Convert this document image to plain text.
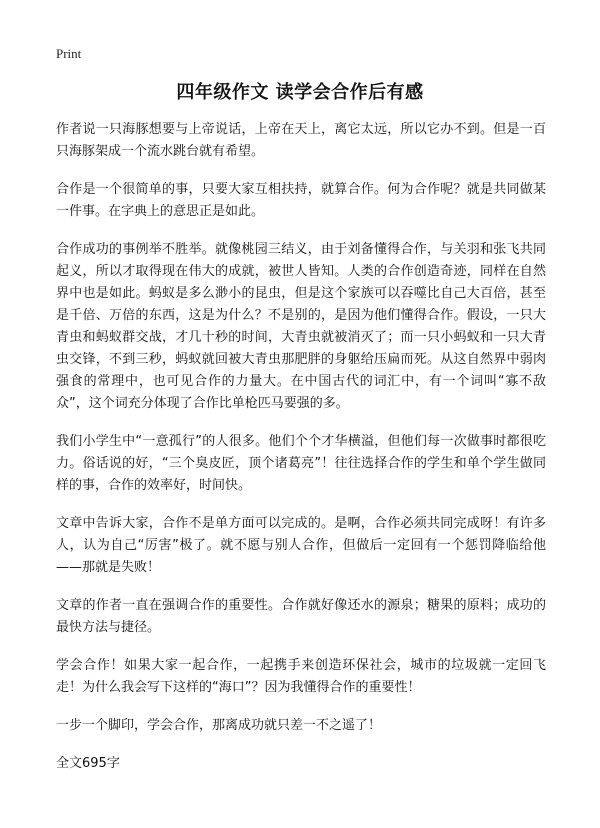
Print
四年级作文 读学会合作后有感

作者说一只海豚想要与上帝说话，上帝在天上，离它太远，所以它办不到。但是一百只海豚架成一个流水跳台就有希望。

合作是一个很简单的事，只要大家互相扶持，就算合作。何为合作呢？就是共同做某一件事。在字典上的意思正是如此。

合作成功的事例举不胜举。就像桃园三结义，由于刘备懂得合作，与关羽和张飞共同起义，所以才取得现在伟大的成就，被世人皆知。人类的合作创造奇迹，同样在自然界中也是如此。蚂蚁是多么渺小的昆虫，但是这个家族可以吞噬比自己大百倍，甚至是千倍、万倍的东西，这是为什么？不是别的，是因为他们懂得合作。假设，一只大青虫和蚂蚁群交战，才几十秒的时间，大青虫就被消灭了；而一只小蚂蚁和一只大青虫交锋，不到三秒，蚂蚁就回被大青虫那肥胖的身躯给压扁而死。从这自然界中弱肉强食的常理中，也可见合作的力量大。在中国古代的词汇中，有一个词叫“寡不敌众”，这个词充分体现了合作比单枪匹马要强的多。

我们小学生中“一意孤行”的人很多。他们个个才华横溢，但他们每一次做事时都很吃力。俗话说的好，“三个臭皮匠，顶个诸葛亮”！往往选择合作的学生和单个学生做同样的事，合作的效率好，时间快。

文章中告诉大家，合作不是单方面可以完成的。是啊，合作必须共同完成呀！有许多人，认为自己“厉害”极了。就不愿与别人合作，但做后一定回有一个惩罚降临给他——那就是失败！

文章的作者一直在强调合作的重要性。合作就好像还水的源泉；糖果的原料；成功的最快方法与捷径。

学会合作！如果大家一起合作，一起携手来创造环保社会，城市的垃圾就一定回飞走！为什么我会写下这样的“海口”？因为我懂得合作的重要性！

一步一个脚印，学会合作，那离成功就只差一不之遥了！

全文695字
